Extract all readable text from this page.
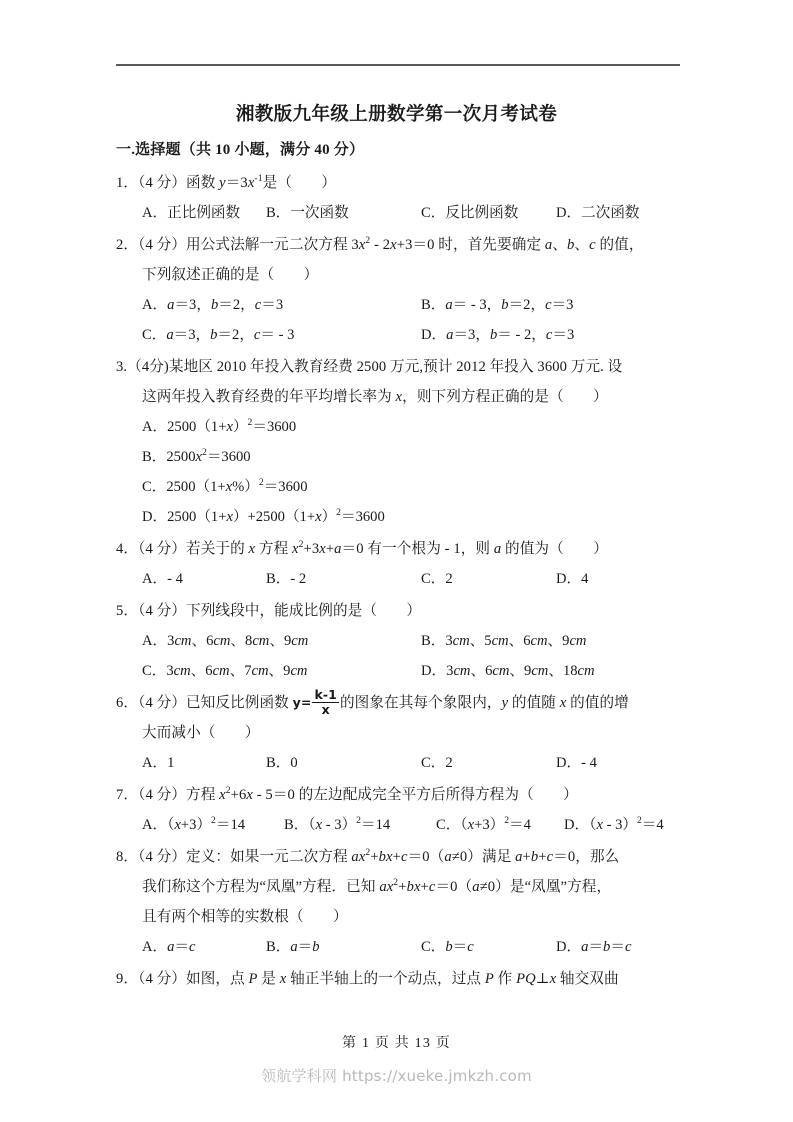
湘教版九年级上册数学第一次月考试卷
一.选择题（共 10 小题，满分 40 分）
1．（4 分）函数 $y=3x^{-1}$是（　　）
A．正比例函数 B．一次函数	C．反比例函数	D．二次函数
2．（4 分）用公式法解一元二次方程 $3x^2 - 2x+3=0$ 时，首先要确定 a、b、c 的值，
下列叙述正确的是（　　）
A．a＝3，b＝2，c＝3	B．a＝ - 3，b＝2，c＝3
C．a＝3，b＝2，c＝ - 3	D．a＝3，b＝ - 2，c＝3
3.（4分)某地区 2010 年投入教育经费 2500 万元,预计 2012 年投入 3600 万元. 设
这两年投入教育经费的年平均增长率为 x，则下列方程正确的是（　　）
A．$2500(1+x)^2=3600$
B．$2500x^2=3600$
C．$2500(1+x\%)^2=3600$
D．$2500(1+x)+2500(1+x)^2=3600$
4．（4 分）若关于的 x 方程 $x^2+3x+a=0$ 有一个根为 - 1，则 a 的值为（　　）
A．- 4	B．- 2	C．2	D．4
5．（4 分）下列线段中，能成比例的是（　　）
A．3cm、6cm、8cm、9cm	B．3cm、5cm、6cm、9cm
C．3cm、6cm、7cm、9cm	D．3cm、6cm、9cm、18cm
6．（4 分）已知反比例函数 $y= \frac{k-1}{x}$ 的图象在其每个象限内，y 的值随 x 的值的增
大而减小（　　）
A．1	B．0	C．2	D．- 4
7．（4 分）方程 $x^2+6x - 5=0$ 的左边配成完全平方后所得方程为（　　）
A．$(x+3)^2=14$	B．（x - 3）$^2$＝14	C．$(x+3)^2=4$ D．（x - 3）$^2$＝4
8．（4 分）定义：如果一元二次方程 $ax^2+bx+c=0(a\ne 0)$满足 a+b+c＝0，那么
我们称这个方程为“凤凰”方程．已知 $ax^2+bx+c=0(a\ne 0)$是“凤凰”方程，
且有两个相等的实数根（　　）
A．a＝c	B．a＝b	C．b＝c	D．a＝b＝c
9．（4 分）如图，点 P 是 x 轴正半轴上的一个动点，过点 P 作 PQ⊥x 轴交双曲
第 1 页 共 13 页
领航学科网 https://xueke.jmkzh.com
